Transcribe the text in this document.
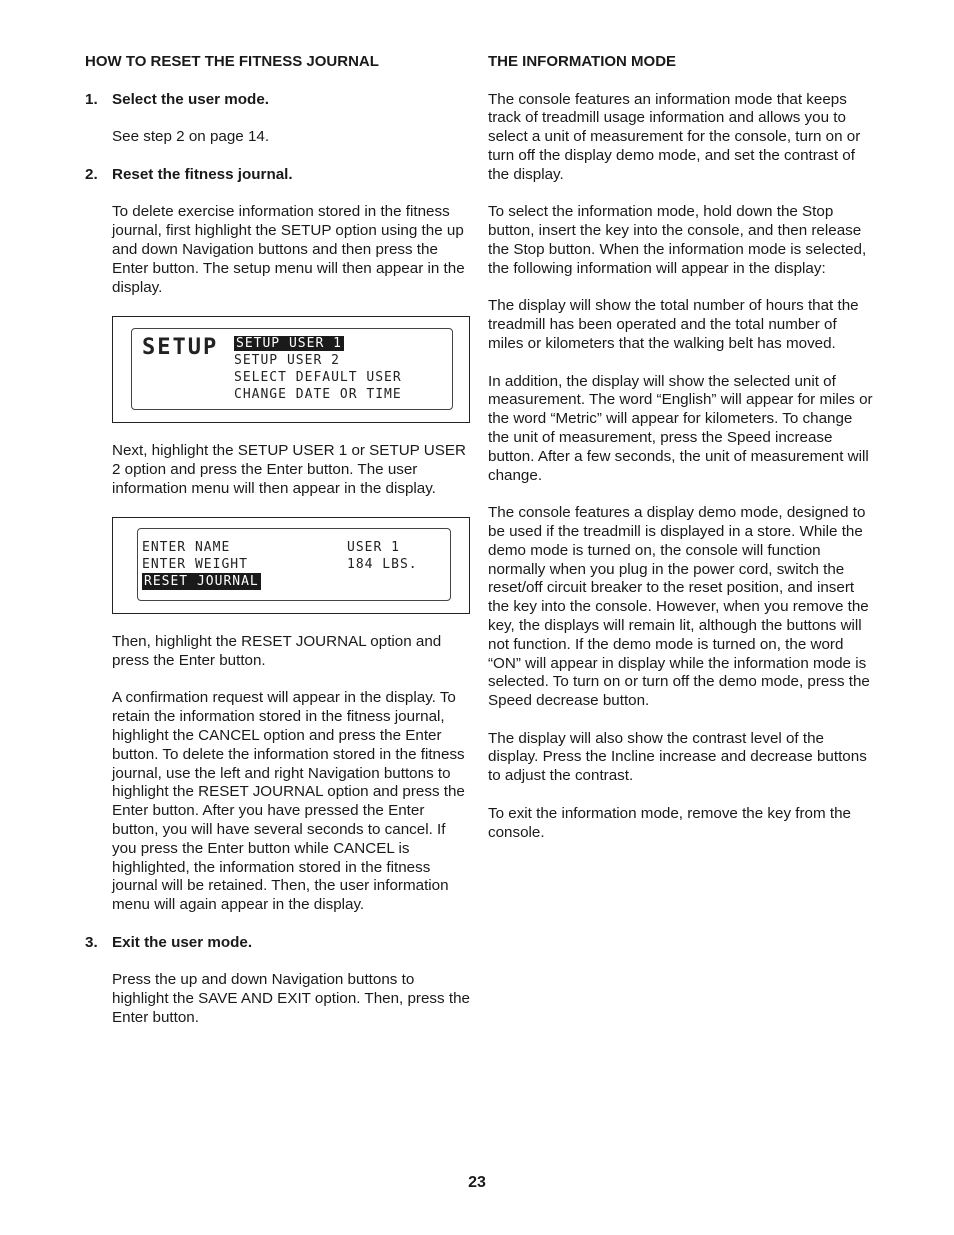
HOW TO RESET THE FITNESS JOURNAL
1. Select the user mode.

See step 2 on page 14.

2. Reset the fitness journal.

To delete exercise information stored in the fitness journal, first highlight the SETUP option using the up and down Navigation buttons and then press the Enter button. The setup menu will then appear in the display.

SETUP	SETUP USER 1
SETUP USER 2
SELECT DEFAULT USER
CHANGE DATE OR TIME

Next, highlight the SETUP USER 1 or SETUP USER 2 option and press the Enter button. The user information menu will then appear in the display.

ENTER NAME	USER 1
ENTER WEIGHT	184 LBS.
RESET JOURNAL

Then, highlight the RESET JOURNAL option and press the Enter button.

A confirmation request will appear in the display. To retain the information stored in the fitness journal, highlight the CANCEL option and press the Enter button. To delete the information stored in the fitness journal, use the left and right Navigation buttons to highlight the RESET JOURNAL option and press the Enter button. After you have pressed the Enter button, you will have several seconds to cancel. If you press the Enter button while CANCEL is highlighted, the information stored in the fitness journal will be retained. Then, the user information menu will again appear in the display.

3. Exit the user mode.

Press the up and down Navigation buttons to highlight the SAVE AND EXIT option. Then, press the Enter button.

THE INFORMATION MODE

The console features an information mode that keeps track of treadmill usage information and allows you to select a unit of measurement for the console, turn on or turn off the display demo mode, and set the contrast of the display.

To select the information mode, hold down the Stop button, insert the key into the console, and then release the Stop button. When the information mode is selected, the following information will appear in the display:

The display will show the total number of hours that the treadmill has been operated and the total number of miles or kilometers that the walking belt has moved.

In addition, the display will show the selected unit of measurement. The word “English” will appear for miles or the word “Metric” will appear for kilometers. To change the unit of measurement, press the Speed increase button. After a few seconds, the unit of measurement will change.

The console features a display demo mode, designed to be used if the treadmill is displayed in a store. While the demo mode is turned on, the console will function normally when you plug in the power cord, switch the reset/off circuit breaker to the reset position, and insert the key into the console. However, when you remove the key, the displays will remain lit, although the buttons will not function. If the demo mode is turned on, the word “ON” will appear in display while the information mode is selected. To turn on or turn off the demo mode, press the Speed decrease button.

The display will also show the contrast level of the display. Press the Incline increase and decrease buttons to adjust the contrast.

To exit the information mode, remove the key from the console.

23
